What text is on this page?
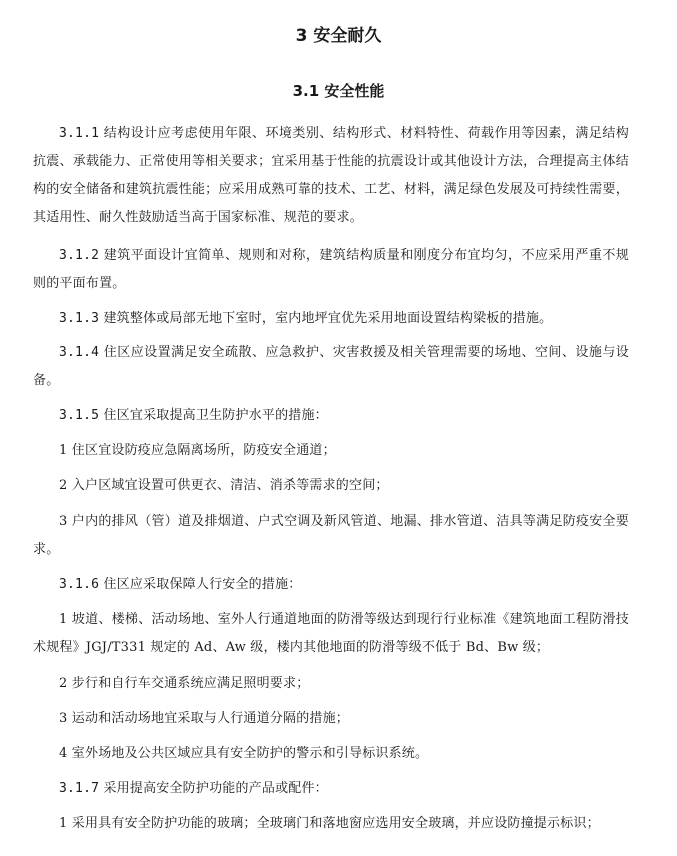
3 安全耐久
3.1 安全性能

3.1.1 结构设计应考虑使用年限、环境类别、结构形式、材料特性、荷载作用等因素，满足结构抗震、承载能力、正常使用等相关要求；宜采用基于性能的抗震设计或其他设计方法，合理提高主体结构的安全储备和建筑抗震性能；应采用成熟可靠的技术、工艺、材料，满足绿色发展及可持续性需要，其适用性、耐久性鼓励适当高于国家标准、规范的要求。

3.1.2 建筑平面设计宜简单、规则和对称，建筑结构质量和刚度分布宜均匀，不应采用严重不规则的平面布置。

3.1.3 建筑整体或局部无地下室时，室内地坪宜优先采用地面设置结构梁板的措施。

3.1.4 住区应设置满足安全疏散、应急救护、灾害救援及相关管理需要的场地、空间、设施与设备。

3.1.5 住区宜采取提高卫生防护水平的措施：

1 住区宜设防疫应急隔离场所，防疫安全通道；

2 入户区域宜设置可供更衣、清洁、消杀等需求的空间；

3 户内的排风（管）道及排烟道、户式空调及新风管道、地漏、排水管道、洁具等满足防疫安全要求。

3.1.6 住区应采取保障人行安全的措施：

1 坡道、楼梯、活动场地、室外人行通道地面的防滑等级达到现行行业标准《建筑地面工程防滑技术规程》JGJ/T331 规定的 Ad、Aw 级，楼内其他地面的防滑等级不低于 Bd、Bw 级；

2 步行和自行车交通系统应满足照明要求；

3 运动和活动场地宜采取与人行通道分隔的措施；

4 室外场地及公共区域应具有安全防护的警示和引导标识系统。

3.1.7 采用提高安全防护功能的产品或配件：

1 采用具有安全防护功能的玻璃；全玻璃门和落地窗应选用安全玻璃，并应设防撞提示标识；
